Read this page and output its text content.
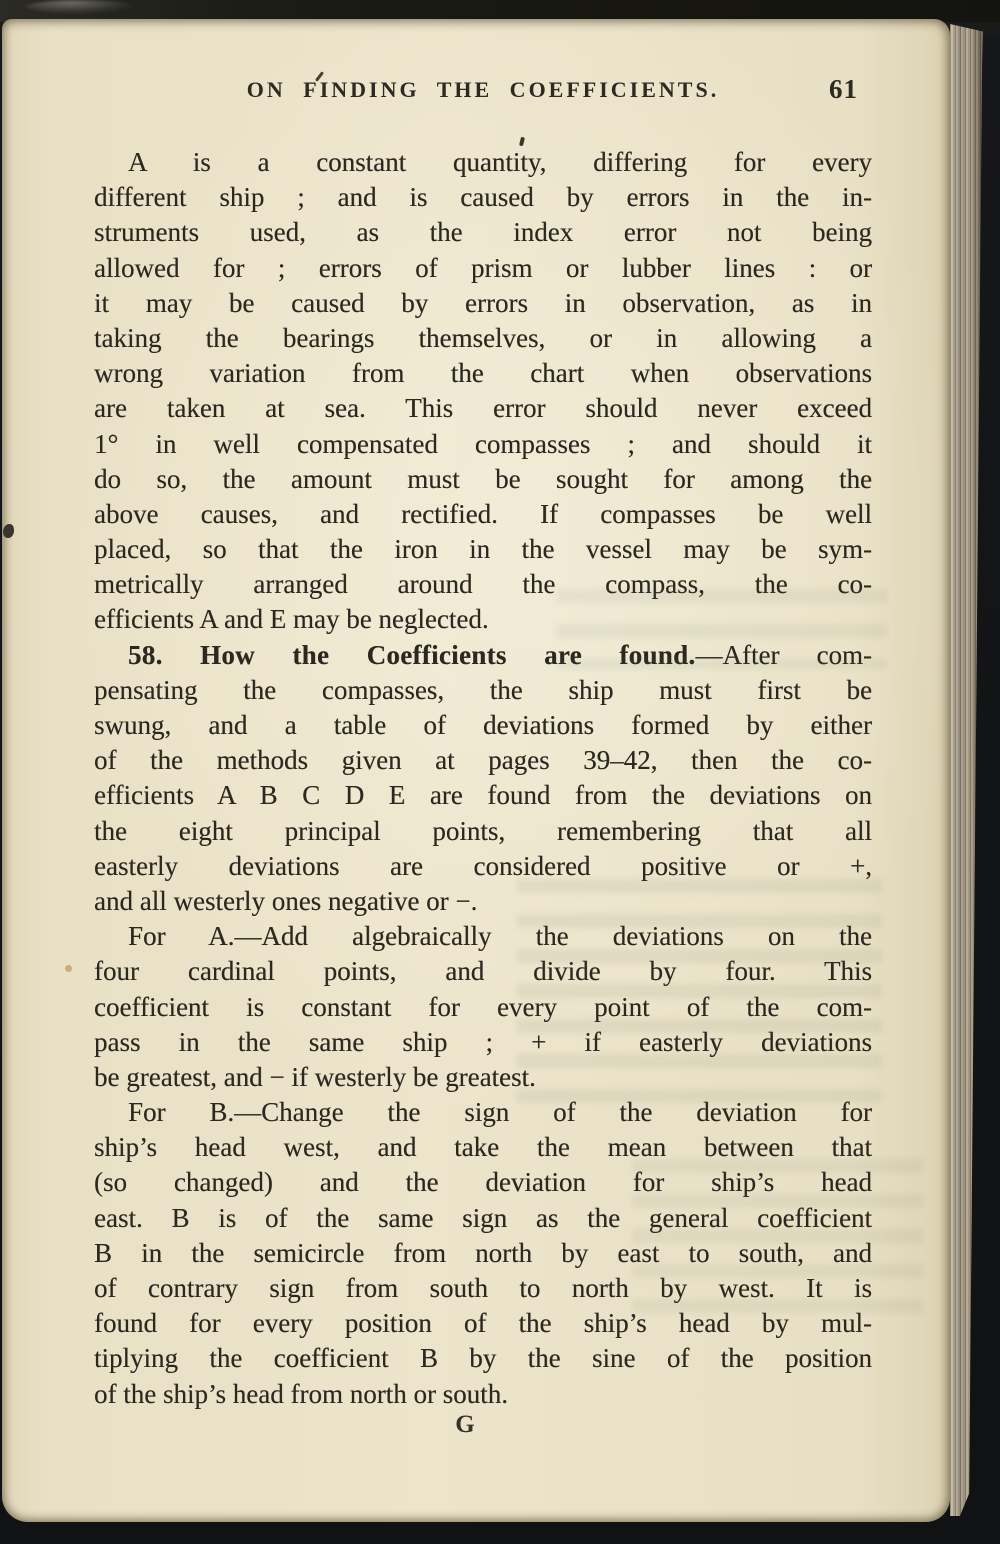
ON FINDING THE COEFFICIENTS.	61
A is a constant quantity, differing for every
different ship ; and is caused by errors in the in-
struments used, as the index error not being
allowed for ; errors of prism or lubber lines : or
it may be caused by errors in observation, as in
taking the bearings themselves, or in allowing a
wrong variation from the chart when observations
are taken at sea. This error should never exceed
1° in well compensated compasses ; and should it
do so, the amount must be sought for among the
above causes, and rectified. If compasses be well
placed, so that the iron in the vessel may be sym-
metrically arranged around the compass, the co-
efficients A and E may be neglected.
58. How the Coefficients are found.—After com-
pensating the compasses, the ship must first be
swung, and a table of deviations formed by either
of the methods given at pages 39–42, then the co-
efficients A B C D E are found from the deviations on
the eight principal points, remembering that all
easterly deviations are considered positive or +,
and all westerly ones negative or −.
For A.—Add algebraically the deviations on the
four cardinal points, and divide by four. This
coefficient is constant for every point of the com-
pass in the same ship ; + if easterly deviations
be greatest, and − if westerly be greatest.
For B.—Change the sign of the deviation for
ship’s head west, and take the mean between that
(so changed) and the deviation for ship’s head
east. B is of the same sign as the general coefficient
B in the semicircle from north by east to south, and
of contrary sign from south to north by west. It is
found for every position of the ship’s head by mul-
tiplying the coefficient B by the sine of the position
of the ship’s head from north or south.
G
